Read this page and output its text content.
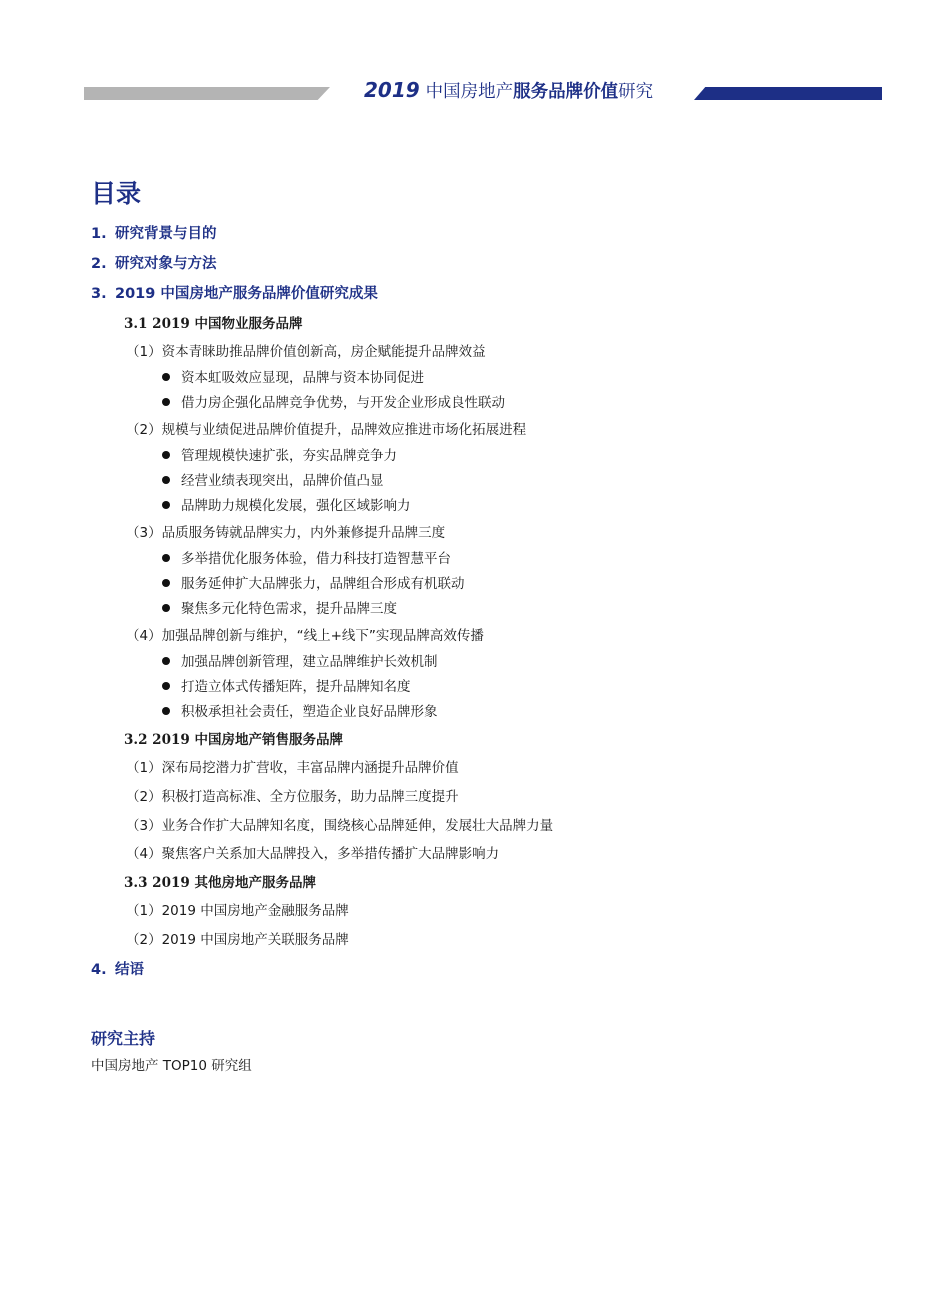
2019 中国房地产服务品牌价值研究
目录
1. 研究背景与目的
2. 研究对象与方法
3. 2019 中国房地产服务品牌价值研究成果
3.1 2019 中国物业服务品牌
（1）资本青睐助推品牌价值创新高，房企赋能提升品牌效益
资本虹吸效应显现，品牌与资本协同促进
借力房企强化品牌竞争优势，与开发企业形成良性联动
（2）规模与业绩促进品牌价值提升，品牌效应推进市场化拓展进程
管理规模快速扩张，夯实品牌竞争力
经营业绩表现突出，品牌价值凸显
品牌助力规模化发展，强化区域影响力
（3）品质服务铸就品牌实力，内外兼修提升品牌三度
多举措优化服务体验，借力科技打造智慧平台
服务延伸扩大品牌张力，品牌组合形成有机联动
聚焦多元化特色需求，提升品牌三度
（4）加强品牌创新与维护，“线上+线下”实现品牌高效传播
加强品牌创新管理，建立品牌维护长效机制
打造立体式传播矩阵，提升品牌知名度
积极承担社会责任，塑造企业良好品牌形象
3.2 2019 中国房地产销售服务品牌
（1）深布局挖潜力扩营收，丰富品牌内涵提升品牌价值
（2）积极打造高标准、全方位服务，助力品牌三度提升
（3）业务合作扩大品牌知名度，围绕核心品牌延伸，发展壮大品牌力量
（4）聚焦客户关系加大品牌投入，多举措传播扩大品牌影响力
3.3 2019 其他房地产服务品牌
（1）2019 中国房地产金融服务品牌
（2）2019 中国房地产关联服务品牌
4. 结语
研究主持
中国房地产 TOP10 研究组
